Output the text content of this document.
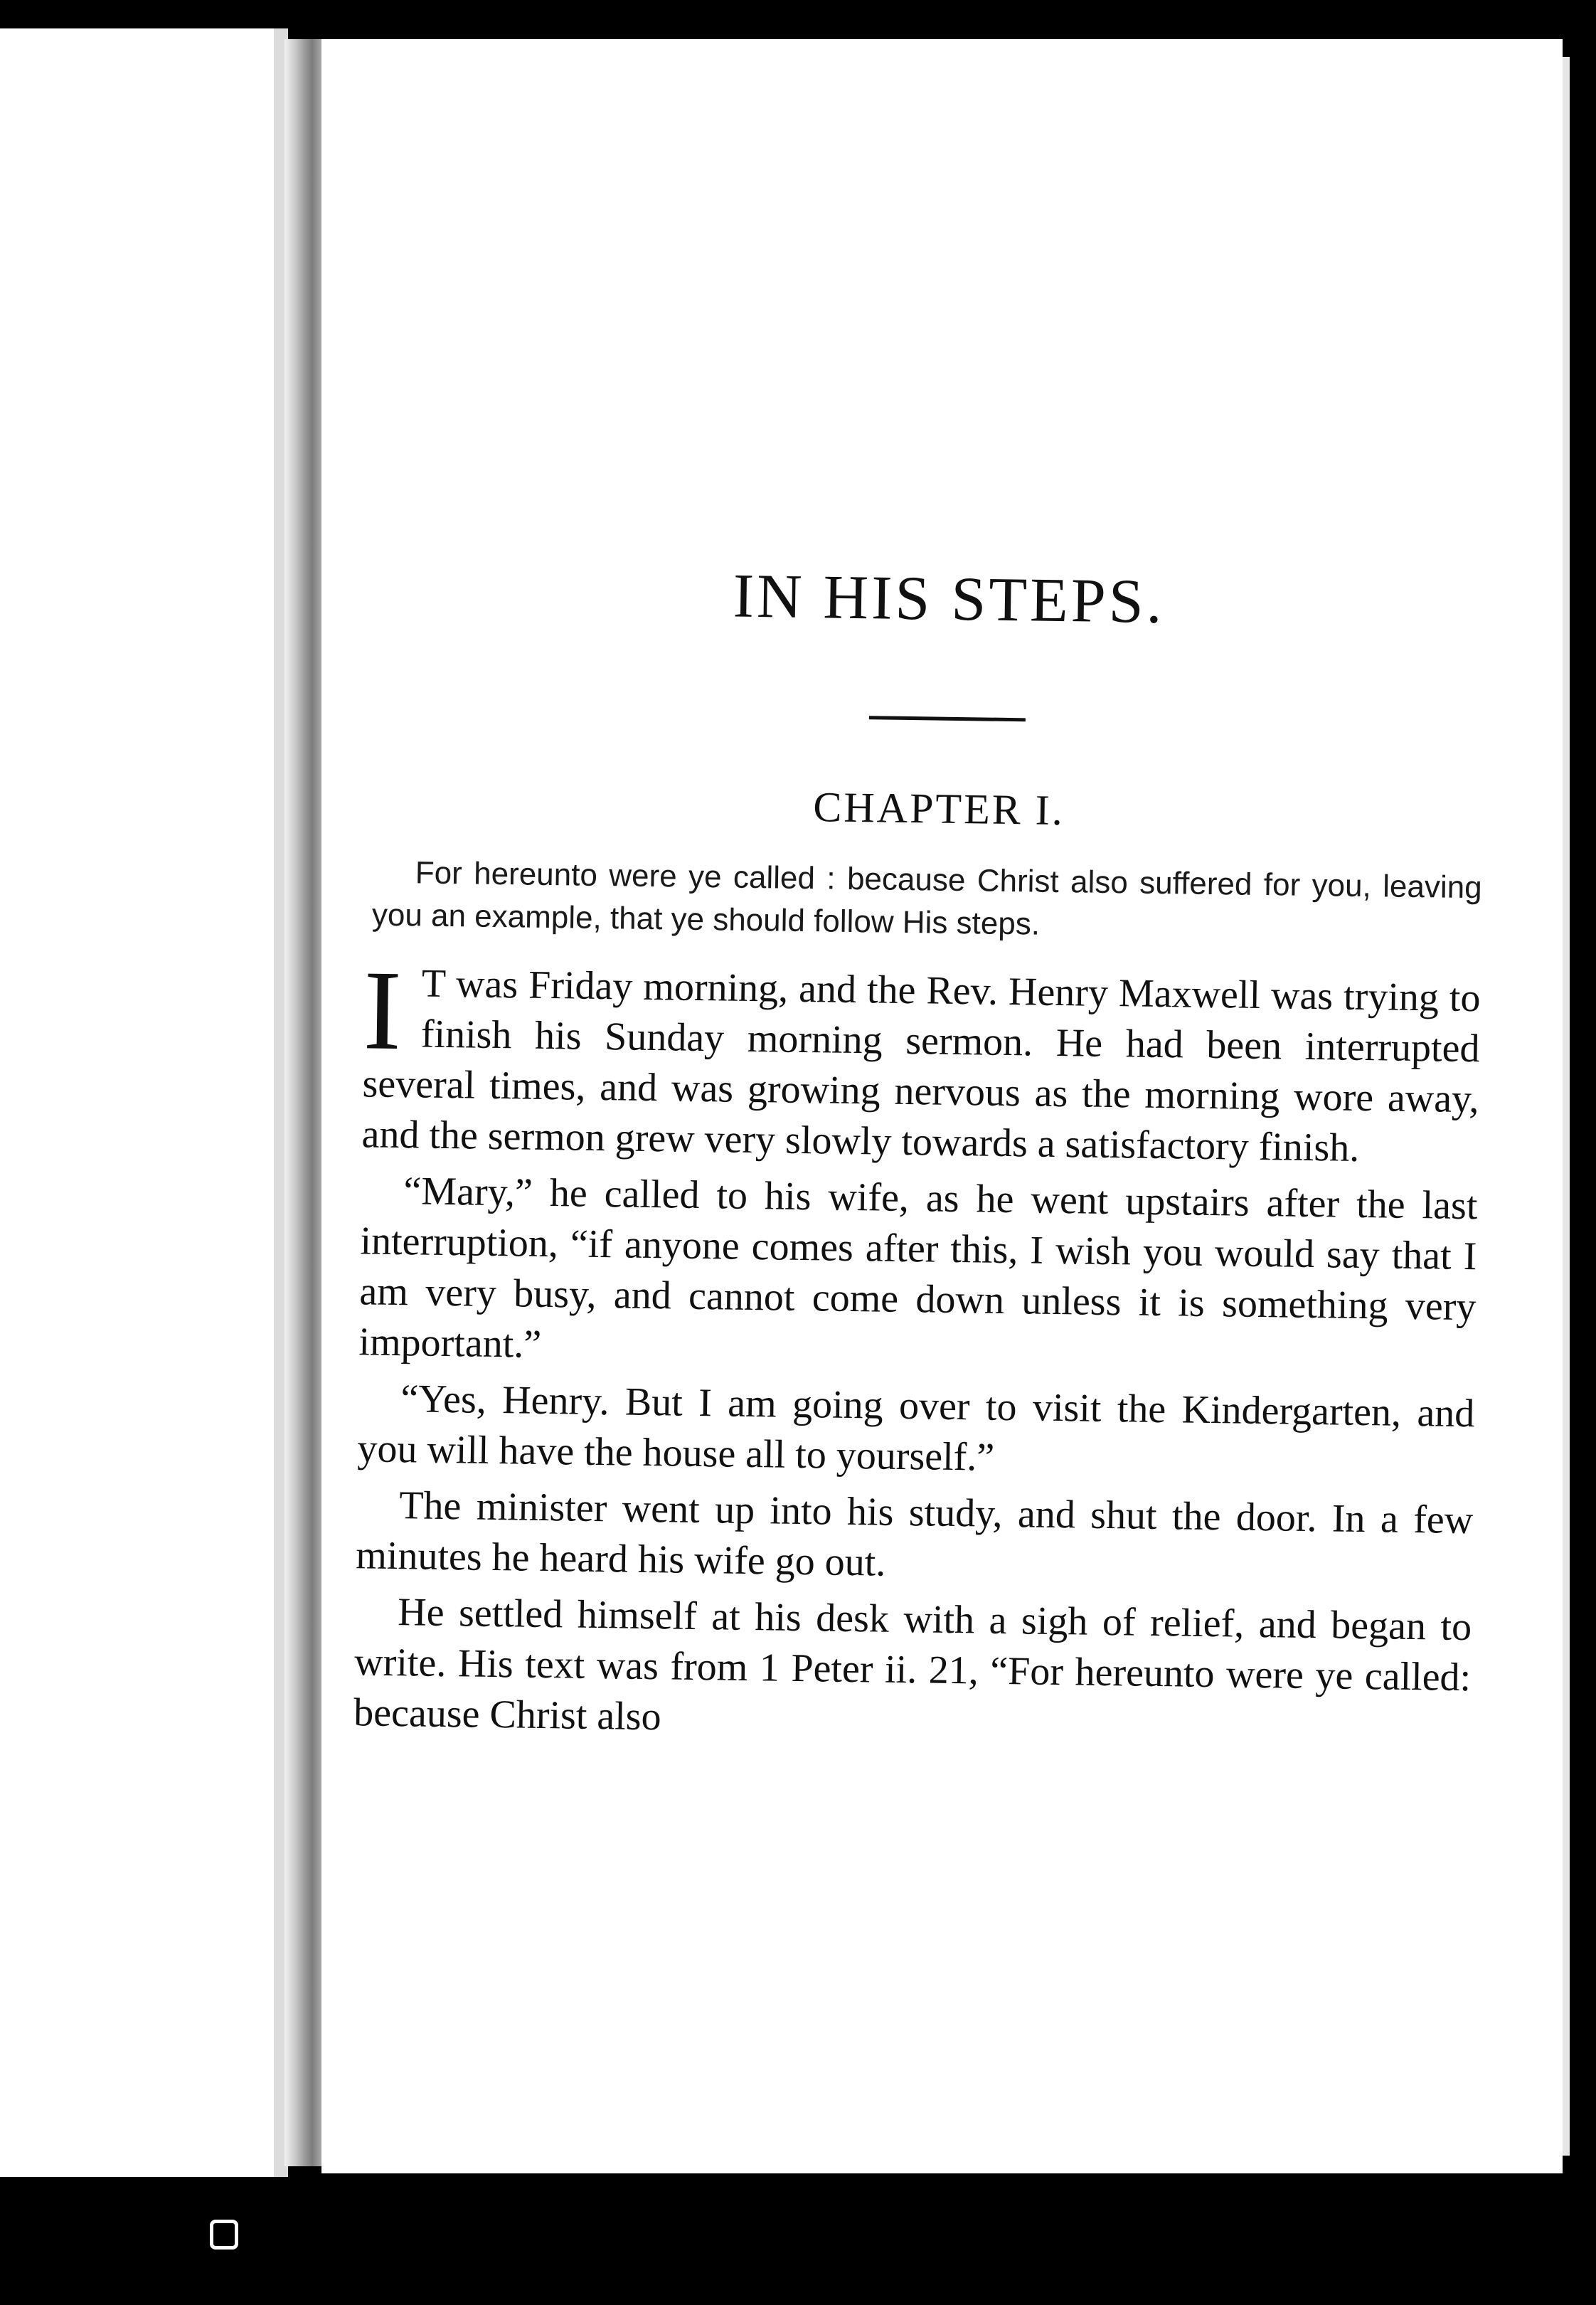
IN HIS STEPS.
CHAPTER I.
For hereunto were ye called : because Christ also suffered for you, leaving you an example, that ye should follow His steps.

I T was Friday morning, and the Rev. Henry Maxwell was trying to finish his Sunday morning sermon. He had been interrupted several times, and was growing nervous as the morning wore away, and the sermon grew very slowly towards a satisfactory finish.

“Mary,” he called to his wife, as he went upstairs after the last interruption, “if anyone comes after this, I wish you would say that I am very busy, and cannot come down unless it is something very important.”

“Yes, Henry. But I am going over to visit the Kindergarten, and you will have the house all to yourself.”

The minister went up into his study, and shut the door. In a few minutes he heard his wife go out.

He settled himself at his desk with a sigh of relief, and began to write. His text was from 1 Peter ii. 21, “For hereunto were ye called: because Christ also
